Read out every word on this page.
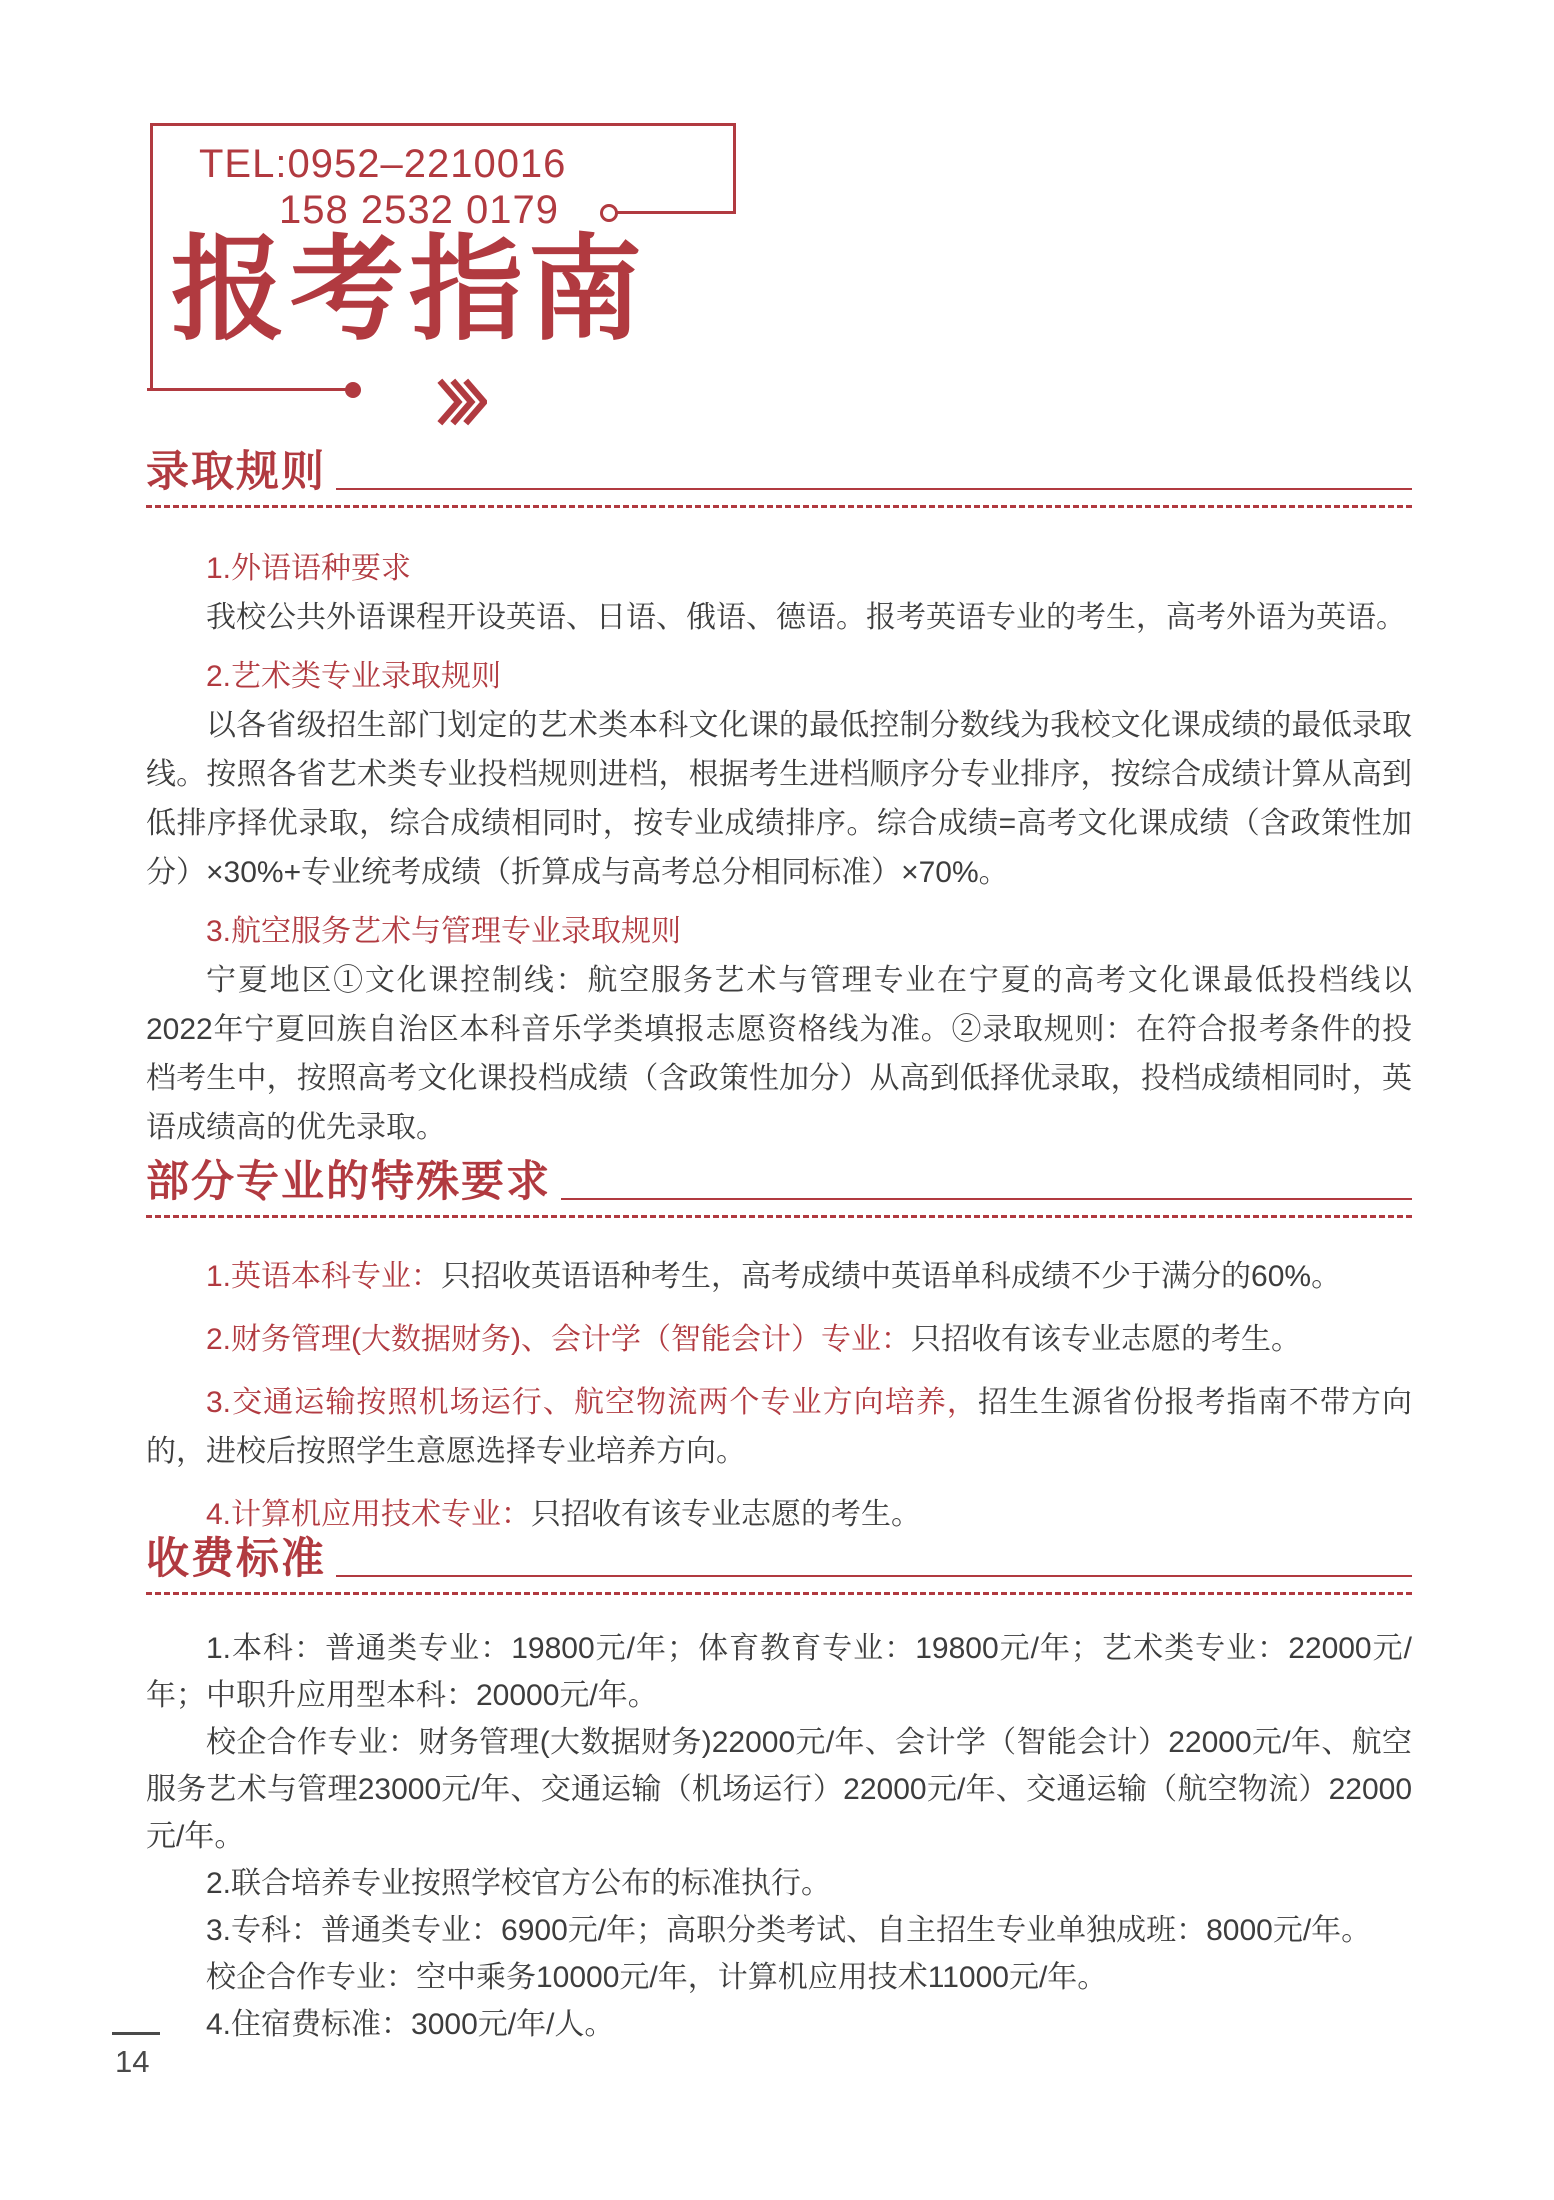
TEL:0952–2210016
158 2532 0179
报考指南
录取规则

1.外语语种要求

我校公共外语课程开设英语、日语、俄语、德语。报考英语专业的考生，高考外语为英语。

2.艺术类专业录取规则

以各省级招生部门划定的艺术类本科文化课的最低控制分数线为我校文化课成绩的最低录取线。按照各省艺术类专业投档规则进档，根据考生进档顺序分专业排序，按综合成绩计算从高到低排序择优录取，综合成绩相同时，按专业成绩排序。综合成绩=高考文化课成绩（含政策性加分）×30%+专业统考成绩（折算成与高考总分相同标准）×70%。

3.航空服务艺术与管理专业录取规则

宁夏地区①文化课控制线：航空服务艺术与管理专业在宁夏的高考文化课最低投档线以2022年宁夏回族自治区本科音乐学类填报志愿资格线为准。②录取规则：在符合报考条件的投档考生中，按照高考文化课投档成绩（含政策性加分）从高到低择优录取，投档成绩相同时，英语成绩高的优先录取。

部分专业的特殊要求

1.英语本科专业：只招收英语语种考生，高考成绩中英语单科成绩不少于满分的60%。

2.财务管理(大数据财务)、会计学（智能会计）专业：只招收有该专业志愿的考生。

3.交通运输按照机场运行、航空物流两个专业方向培养，招生生源省份报考指南不带方向的，进校后按照学生意愿选择专业培养方向。

4.计算机应用技术专业：只招收有该专业志愿的考生。

收费标准

1.本科：普通类专业：19800元/年；体育教育专业：19800元/年；艺术类专业：22000元/年；中职升应用型本科：20000元/年。

校企合作专业：财务管理(大数据财务)22000元/年、会计学（智能会计）22000元/年、航空服务艺术与管理23000元/年、交通运输（机场运行）22000元/年、交通运输（航空物流）22000元/年。

2.联合培养专业按照学校官方公布的标准执行。

3.专科：普通类专业：6900元/年；高职分类考试、自主招生专业单独成班：8000元/年。

校企合作专业：空中乘务10000元/年，计算机应用技术11000元/年。

4.住宿费标准：3000元/年/人。

14
